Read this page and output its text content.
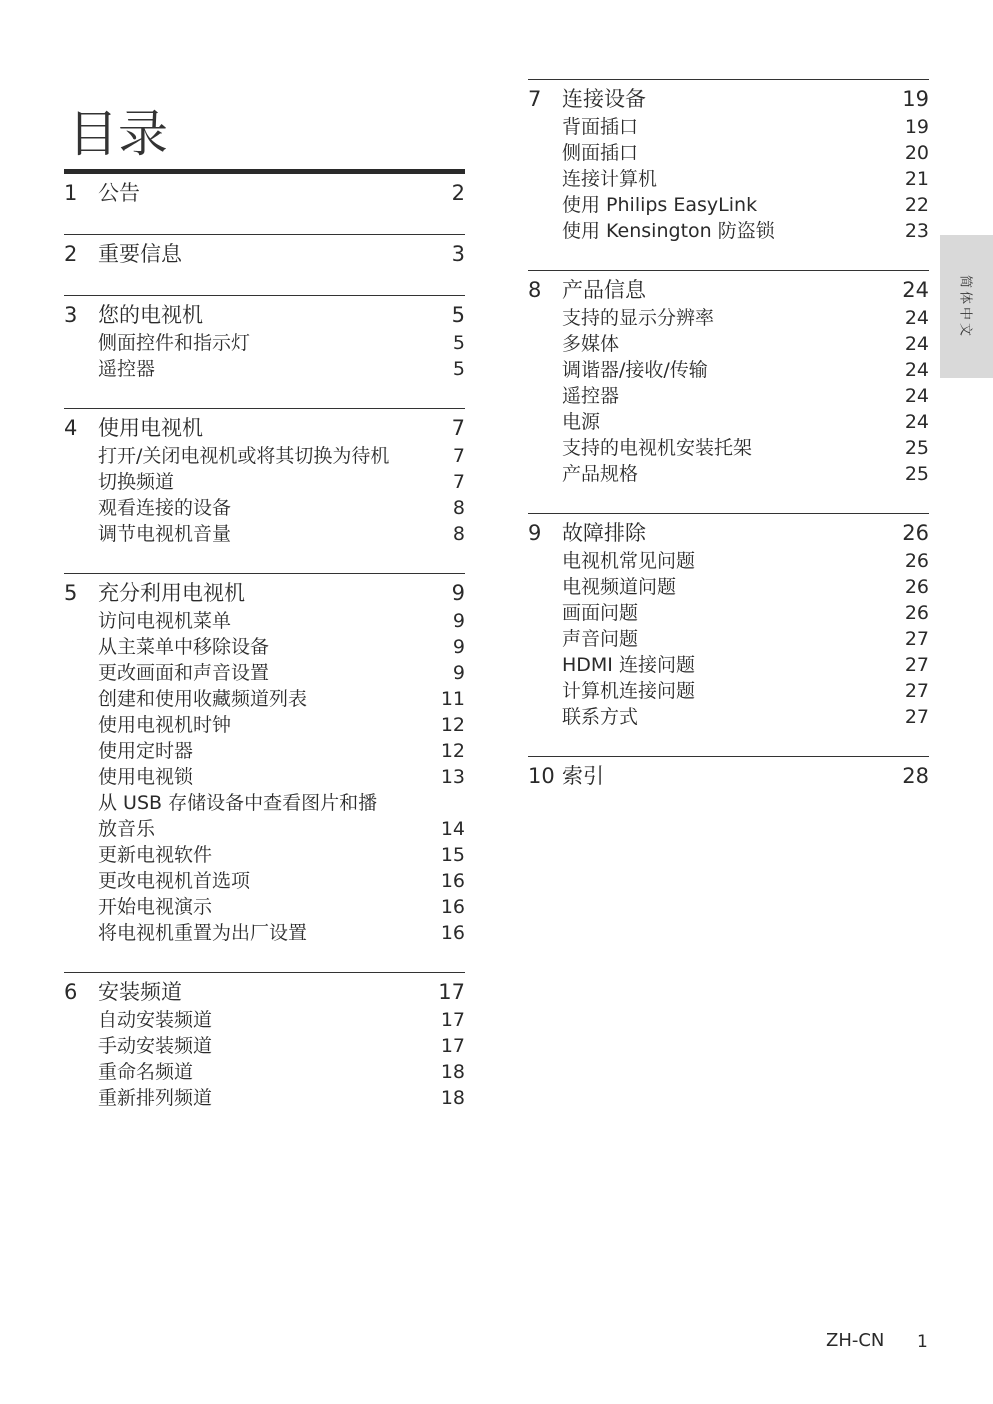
目录
1 公告	2
2 重要信息	3
3 您的电视机	5
侧面控件和指示灯	5
遥控器	5
4 使用电视机	7
打开/关闭电视机或将其切换为待机	7
切换频道	7
观看连接的设备	8
调节电视机音量	8
5 充分利用电视机	9
访问电视机菜单	9
从主菜单中移除设备	9
更改画面和声音设置	9
创建和使用收藏频道列表	11
使用电视机时钟	12
使用定时器	12
使用电视锁	13
从 USB 存储设备中查看图片和播
放音乐	14
更新电视软件	15
更改电视机首选项	16
开始电视演示	16
将电视机重置为出厂设置	16
6 安装频道	17
自动安装频道	17
手动安装频道	17
重命名频道	18
重新排列频道	18
7 连接设备	19
背面插口	19
侧面插口	20
连接计算机	21
使用 Philips EasyLink	22
使用 Kensington 防盗锁	23
8 产品信息	24
支持的显示分辨率	24
多媒体	24
调谐器/接收/传输	24
遥控器	24
电源	24
支持的电视机安装托架	25
产品规格	25
9 故障排除	26
电视机常见问题	26
电视频道问题	26
画面问题	26
声音问题	27
HDMI 连接问题	27
计算机连接问题	27
联系方式	27
10 索引	28
简体中文
ZH-CN 1
